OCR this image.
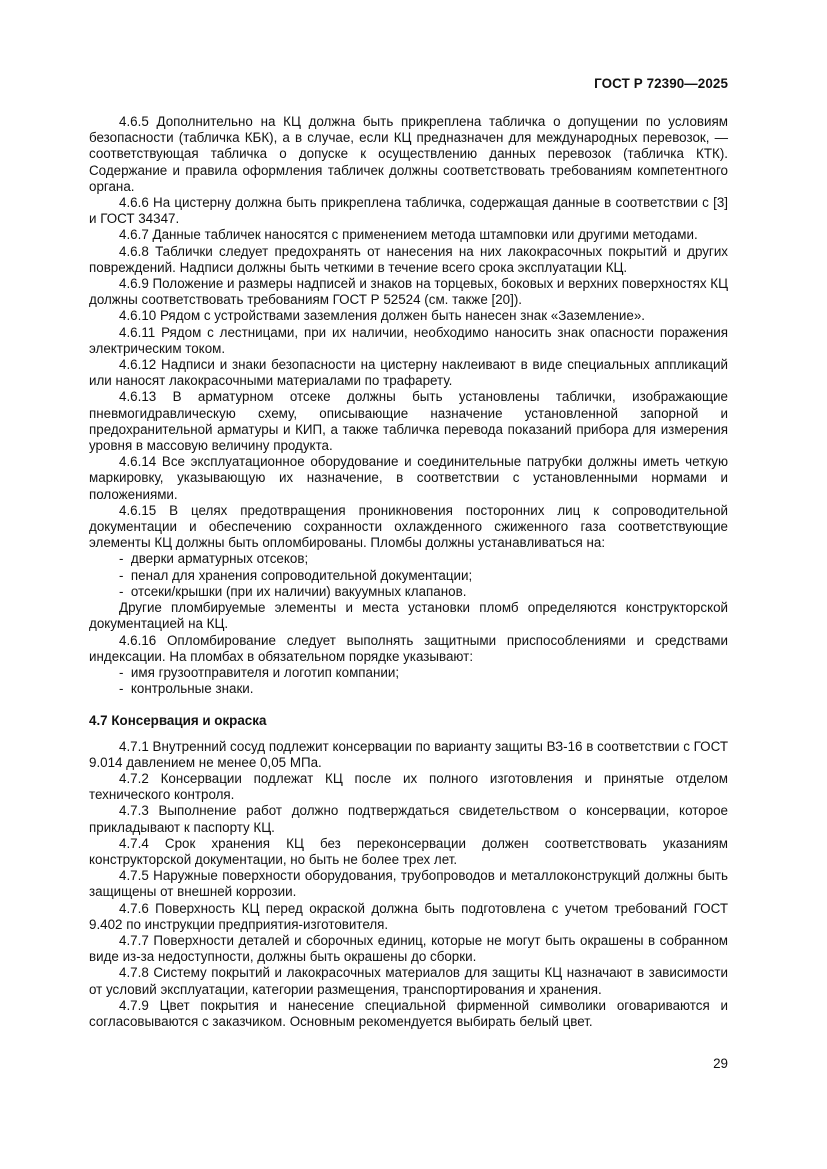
ГОСТ Р 72390—2025

4.6.5 Дополнительно на КЦ должна быть прикреплена табличка о допущении по условиям безопасности (табличка КБК), а в случае, если КЦ предназначен для международных перевозок, — соответствующая табличка о допуске к осуществлению данных перевозок (табличка КТК). Содержание и правила оформления табличек должны соответствовать требованиям компетентного органа.

4.6.6 На цистерну должна быть прикреплена табличка, содержащая данные в соответствии с [3] и ГОСТ 34347.

4.6.7 Данные табличек наносятся с применением метода штамповки или другими методами.

4.6.8 Таблички следует предохранять от нанесения на них лакокрасочных покрытий и других повреждений. Надписи должны быть четкими в течение всего срока эксплуатации КЦ.

4.6.9 Положение и размеры надписей и знаков на торцевых, боковых и верхних поверхностях КЦ должны соответствовать требованиям ГОСТ Р 52524 (см. также [20]).

4.6.10 Рядом с устройствами заземления должен быть нанесен знак «Заземление».

4.6.11 Рядом с лестницами, при их наличии, необходимо наносить знак опасности поражения электрическим током.

4.6.12 Надписи и знаки безопасности на цистерну наклеивают в виде специальных аппликаций или наносят лакокрасочными материалами по трафарету.

4.6.13 В арматурном отсеке должны быть установлены таблички, изображающие пневмогидравлическую схему, описывающие назначение установленной запорной и предохранительной арматуры и КИП, а также табличка перевода показаний прибора для измерения уровня в массовую величину продукта.

4.6.14 Все эксплуатационное оборудование и соединительные патрубки должны иметь четкую маркировку, указывающую их назначение, в соответствии с установленными нормами и положениями.

4.6.15 В целях предотвращения проникновения посторонних лиц к сопроводительной документации и обеспечению сохранности охлажденного сжиженного газа соответствующие элементы КЦ должны быть опломбированы. Пломбы должны устанавливаться на:

-  дверки арматурных отсеков;

-  пенал для хранения сопроводительной документации;

-  отсеки/крышки (при их наличии) вакуумных клапанов.

Другие пломбируемые элементы и места установки пломб определяются конструкторской документацией на КЦ.

4.6.16 Опломбирование следует выполнять защитными приспособлениями и средствами индексации. На пломбах в обязательном порядке указывают:

-  имя грузоотправителя и логотип компании;

-  контрольные знаки.

4.7 Консервация и окраска

4.7.1 Внутренний сосуд подлежит консервации по варианту защиты ВЗ-16 в соответствии с ГОСТ 9.014 давлением не менее 0,05 МПа.

4.7.2 Консервации подлежат КЦ после их полного изготовления и принятые отделом технического контроля.

4.7.3 Выполнение работ должно подтверждаться свидетельством о консервации, которое прикладывают к паспорту КЦ.

4.7.4 Срок хранения КЦ без переконсервации должен соответствовать указаниям конструкторской документации, но быть не более трех лет.

4.7.5 Наружные поверхности оборудования, трубопроводов и металлоконструкций должны быть защищены от внешней коррозии.

4.7.6 Поверхность КЦ перед окраской должна быть подготовлена с учетом требований ГОСТ 9.402 по инструкции предприятия-изготовителя.

4.7.7 Поверхности деталей и сборочных единиц, которые не могут быть окрашены в собранном виде из-за недоступности, должны быть окрашены до сборки.

4.7.8 Систему покрытий и лакокрасочных материалов для защиты КЦ назначают в зависимости от условий эксплуатации, категории размещения, транспортирования и хранения.

4.7.9 Цвет покрытия и нанесение специальной фирменной символики оговариваются и согласовываются с заказчиком. Основным рекомендуется выбирать белый цвет.

29
